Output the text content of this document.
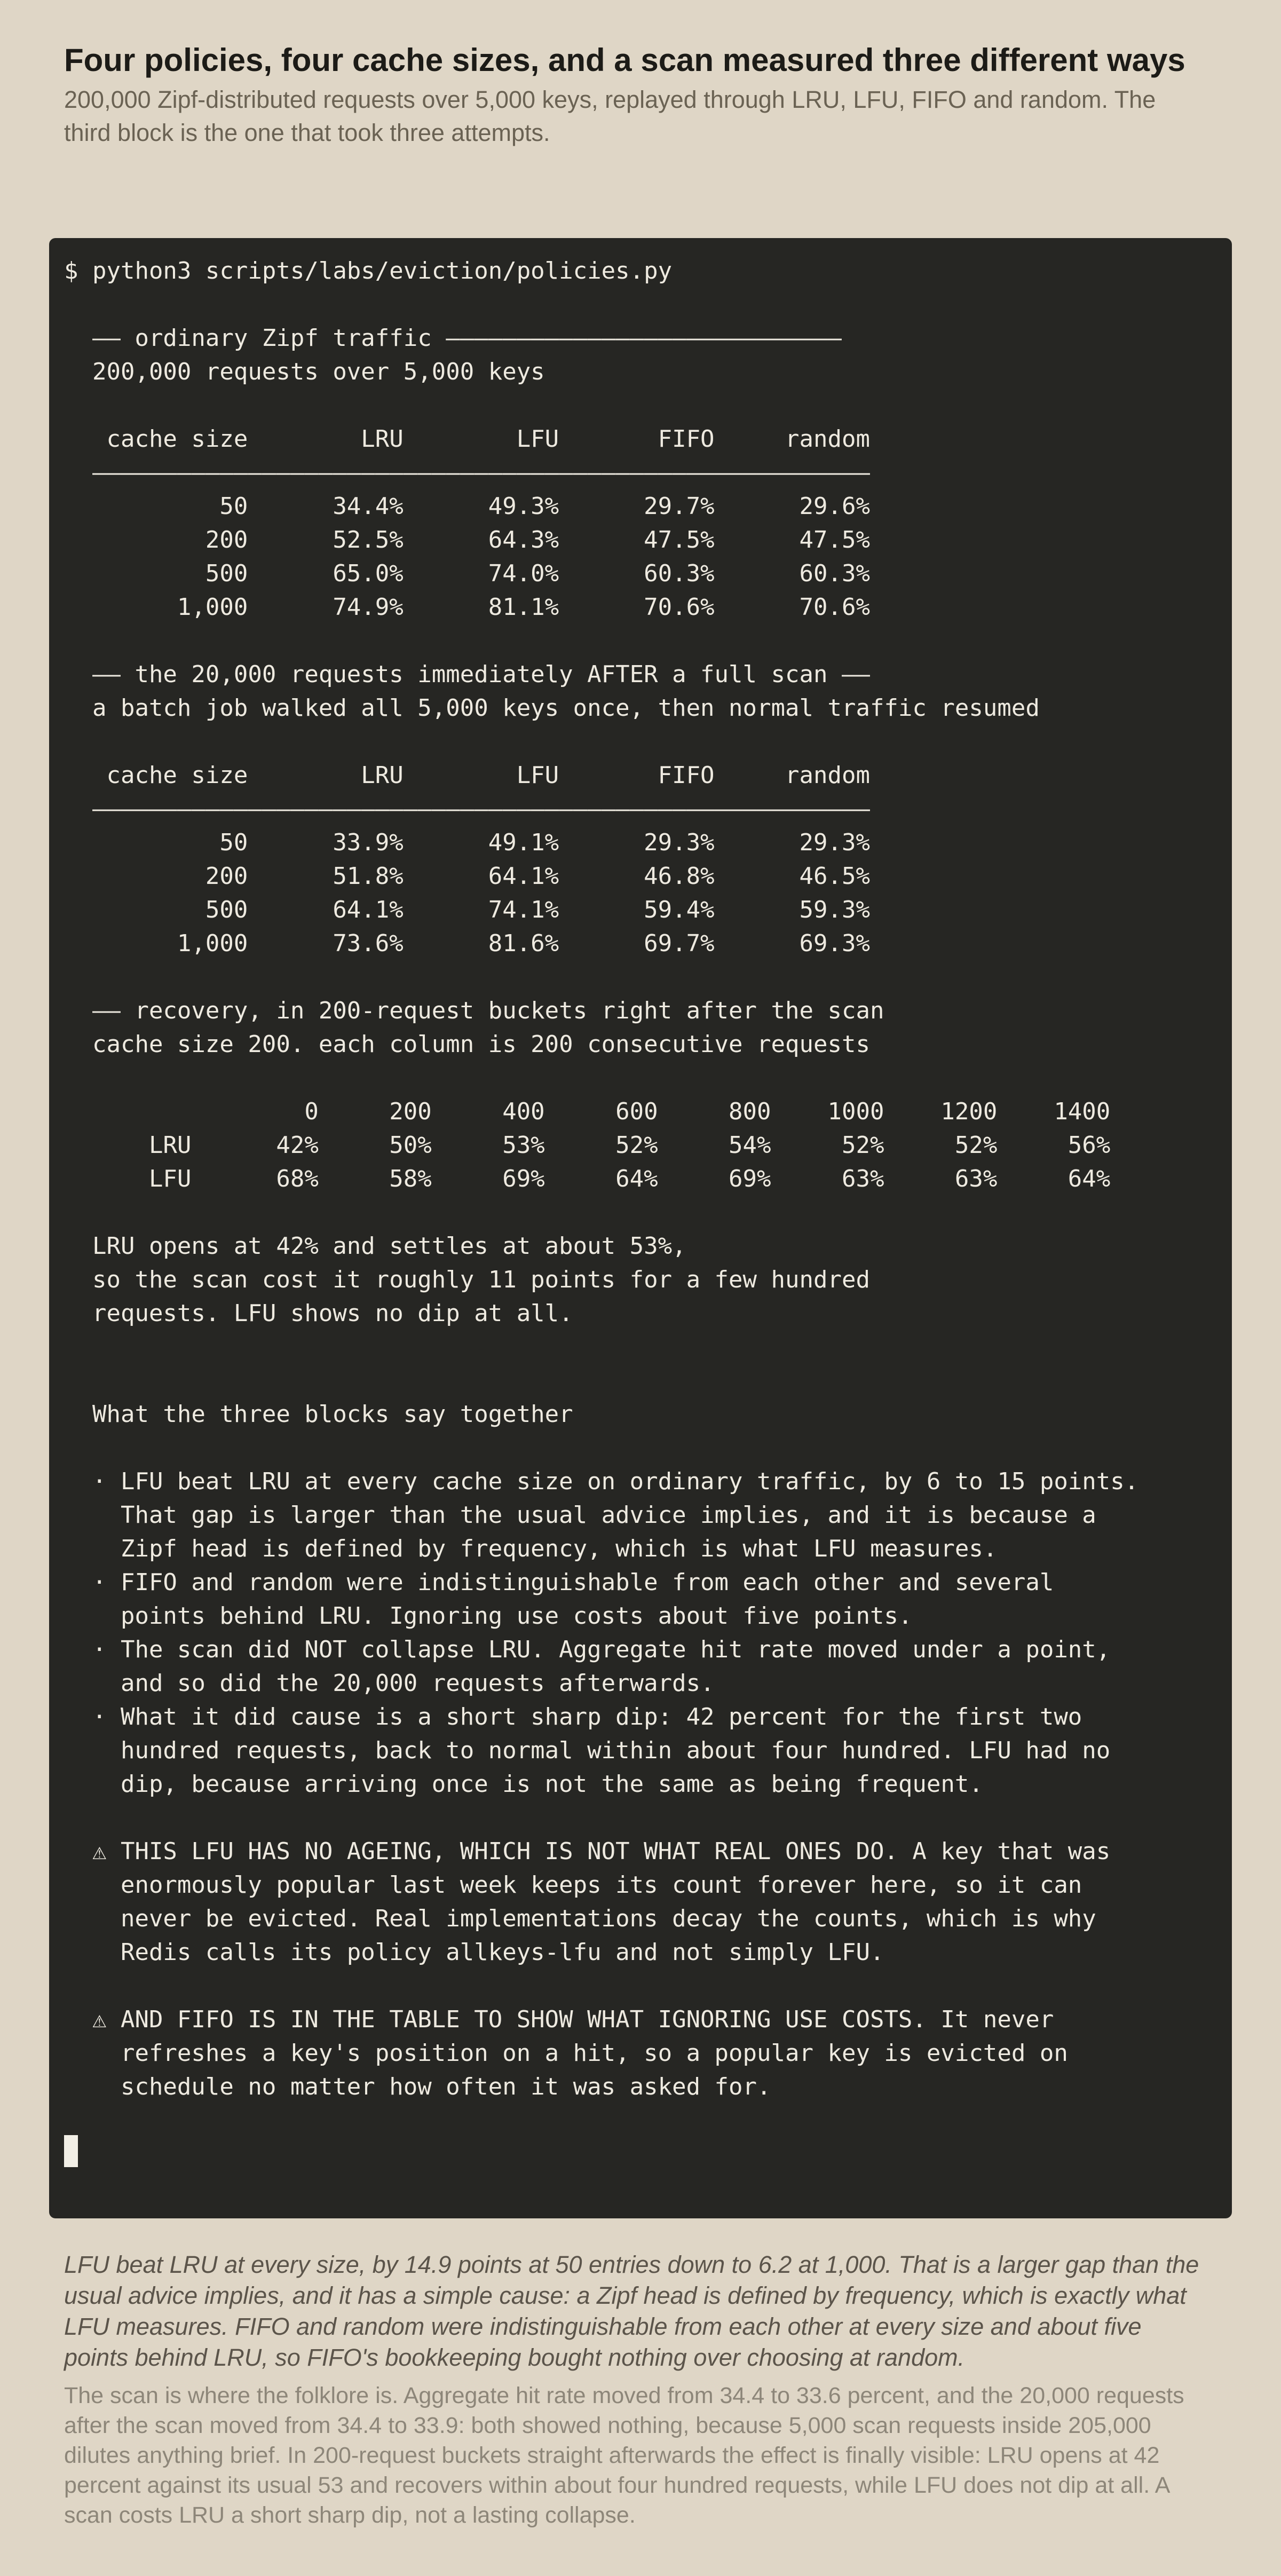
Four policies, four cache sizes, and a scan measured three different ways

200,000 Zipf-distributed requests over 5,000 keys, replayed through LRU, LFU, FIFO and random. The third block is the one that took three attempts.

$ python3 scripts/labs/eviction/policies.py
—— ordinary Zipf traffic ————————————————————————————
200,000 requests over 5,000 keys
cache size        LRU        LFU       FIFO     random
———————————————————————————————————————————————————————
50      34.4%      49.3%      29.7%      29.6%
200      52.5%      64.3%      47.5%      47.5%
500      65.0%      74.0%      60.3%      60.3%
1,000      74.9%      81.1%      70.6%      70.6%
—— the 20,000 requests immediately AFTER a full scan ——
a batch job walked all 5,000 keys once, then normal traffic resumed
cache size        LRU        LFU       FIFO     random
———————————————————————————————————————————————————————
50      33.9%      49.1%      29.3%      29.3%
200      51.8%      64.1%      46.8%      46.5%
500      64.1%      74.1%      59.4%      59.3%
1,000      73.6%      81.6%      69.7%      69.3%
—— recovery, in 200-request buckets right after the scan
cache size 200. each column is 200 consecutive requests
0     200     400     600     800    1000    1200    1400
LRU      42%     50%     53%     52%     54%     52%     52%     56%
LFU      68%     58%     69%     64%     69%     63%     63%     64%
LRU opens at 42% and settles at about 53%,
so the scan cost it roughly 11 points for a few hundred
requests. LFU shows no dip at all.
What the three blocks say together
· LFU beat LRU at every cache size on ordinary traffic, by 6 to 15 points.
That gap is larger than the usual advice implies, and it is because a
Zipf head is defined by frequency, which is what LFU measures.
· FIFO and random were indistinguishable from each other and several
points behind LRU. Ignoring use costs about five points.
· The scan did NOT collapse LRU. Aggregate hit rate moved under a point,
and so did the 20,000 requests afterwards.
· What it did cause is a short sharp dip: 42 percent for the first two
hundred requests, back to normal within about four hundred. LFU had no
dip, because arriving once is not the same as being frequent.
⚠ THIS LFU HAS NO AGEING, WHICH IS NOT WHAT REAL ONES DO. A key that was
enormously popular last week keeps its count forever here, so it can
never be evicted. Real implementations decay the counts, which is why
Redis calls its policy allkeys-lfu and not simply LFU.
⚠ AND FIFO IS IN THE TABLE TO SHOW WHAT IGNORING USE COSTS. It never
refreshes a key's position on a hit, so a popular key is evicted on
schedule no matter how often it was asked for.

LFU beat LRU at every size, by 14.9 points at 50 entries down to 6.2 at 1,000. That is a larger gap than the usual advice implies, and it has a simple cause: a Zipf head is defined by frequency, which is exactly what LFU measures. FIFO and random were indistinguishable from each other at every size and about five points behind LRU, so FIFO's bookkeeping bought nothing over choosing at random.

The scan is where the folklore is. Aggregate hit rate moved from 34.4 to 33.6 percent, and the 20,000 requests after the scan moved from 34.4 to 33.9: both showed nothing, because 5,000 scan requests inside 205,000 dilutes anything brief. In 200-request buckets straight afterwards the effect is finally visible: LRU opens at 42 percent against its usual 53 and recovers within about four hundred requests, while LFU does not dip at all. A scan costs LRU a short sharp dip, not a lasting collapse.
